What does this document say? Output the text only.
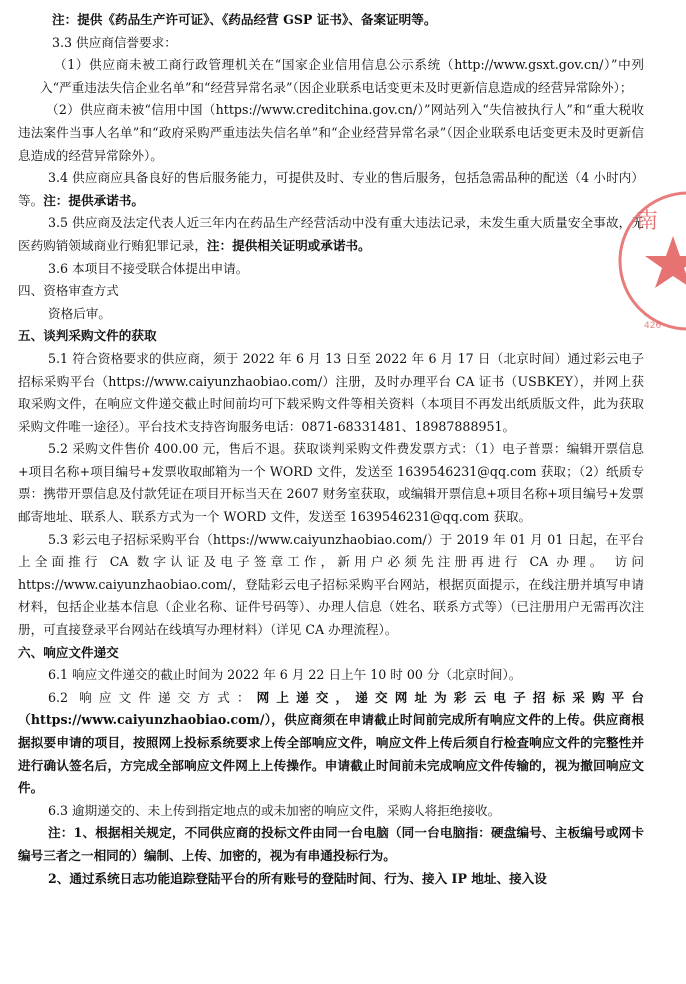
注：提供《药品生产许可证》、《药品经营 GSP 证书》、备案证明等。

3.3 供应商信誉要求：

（1）供应商未被工商行政管理机关在“国家企业信用信息公示系统（http://www.gsxt.gov.cn/）”中列入“严重违法失信企业名单”和“经营异常名录”（因企业联系电话变更未及时更新信息造成的经营异常除外）；

（2）供应商未被“信用中国（https://www.creditchina.gov.cn/）”网站列入“失信被执行人”和“重大税收违法案件当事人名单”和“政府采购严重违法失信名单”和“企业经营异常名录”（因企业联系电话变更未及时更新信息造成的经营异常除外）。

3.4 供应商应具备良好的售后服务能力，可提供及时、专业的售后服务，包括急需品种的配送（4 小时内）等。注：提供承诺书。

3.5 供应商及法定代表人近三年内在药品生产经营活动中没有重大违法记录，未发生重大质量安全事故，无医药购销领域商业行贿犯罪记录，注：提供相关证明或承诺书。

3.6 本项目不接受联合体提出申请。

四、资格审查方式

资格后审。

五、谈判采购文件的获取

5.1 符合资格要求的供应商，须于 2022 年 6 月 13 日至 2022 年 6 月 17 日（北京时间）通过彩云电子招标采购平台（https://www.caiyunzhaobiao.com/）注册，及时办理平台 CA 证书（USBKEY），并网上获取采购文件，在响应文件递交截止时间前均可下载采购文件等相关资料（本项目不再发出纸质版文件，此为获取采购文件唯一途径）。平台技术支持咨询服务电话：0871-68331481、18987888951。

5.2 采购文件售价 400.00 元，售后不退。获取谈判采购文件费发票方式：（1）电子普票：编辑开票信息+项目名称+项目编号+发票收取邮箱为一个 WORD 文件，发送至 1639546231@qq.com 获取；（2）纸质专票：携带开票信息及付款凭证在项目开标当天在 2607 财务室获取，或编辑开票信息+项目名称+项目编号+发票邮寄地址、联系人、联系方式为一个 WORD 文件，发送至 1639546231@qq.com 获取。

5.3 彩云电子招标采购平台（https://www.caiyunzhaobiao.com/）于 2019 年 01 月 01 日起，在平台上全面推行 CA 数字认证及电子签章工作，新用户必须先注册再进行 CA 办理。 访问 https://www.caiyunzhaobiao.com/，登陆彩云电子招标采购平台网站，根据页面提示，在线注册并填写申请材料，包括企业基本信息（企业名称、证件号码等）、办理人信息（姓名、联系方式等）（已注册用户无需再次注册，可直接登录平台网站在线填写办理材料）（详见 CA 办理流程）。

六、响应文件递交

6.1 响应文件递交的截止时间为 2022 年 6 月 22 日上午 10 时 00 分（北京时间）。

6.2 响应文件递交方式：网上递交，递交网址为彩云电子招标采购平台（https://www.caiyunzhaobiao.com/），供应商须在申请截止时间前完成所有响应文件的上传。供应商根据拟要申请的项目，按照网上投标系统要求上传全部响应文件，响应文件上传后须自行检查响应文件的完整性并进行确认签名后，方完成全部响应文件网上上传操作。申请截止时间前未完成响应文件传输的，视为撤回响应文件。

6.3 逾期递交的、未上传到指定地点的或未加密的响应文件，采购人将拒绝接收。

注：1、根据相关规定，不同供应商的投标文件由同一台电脑（同一台电脑指：硬盘编号、主板编号或网卡编号三者之一相同的）编制、上传、加密的，视为有串通投标行为。

2、通过系统日志功能追踪登陆平台的所有账号的登陆时间、行为、接入 IP 地址、接入设

南
426
